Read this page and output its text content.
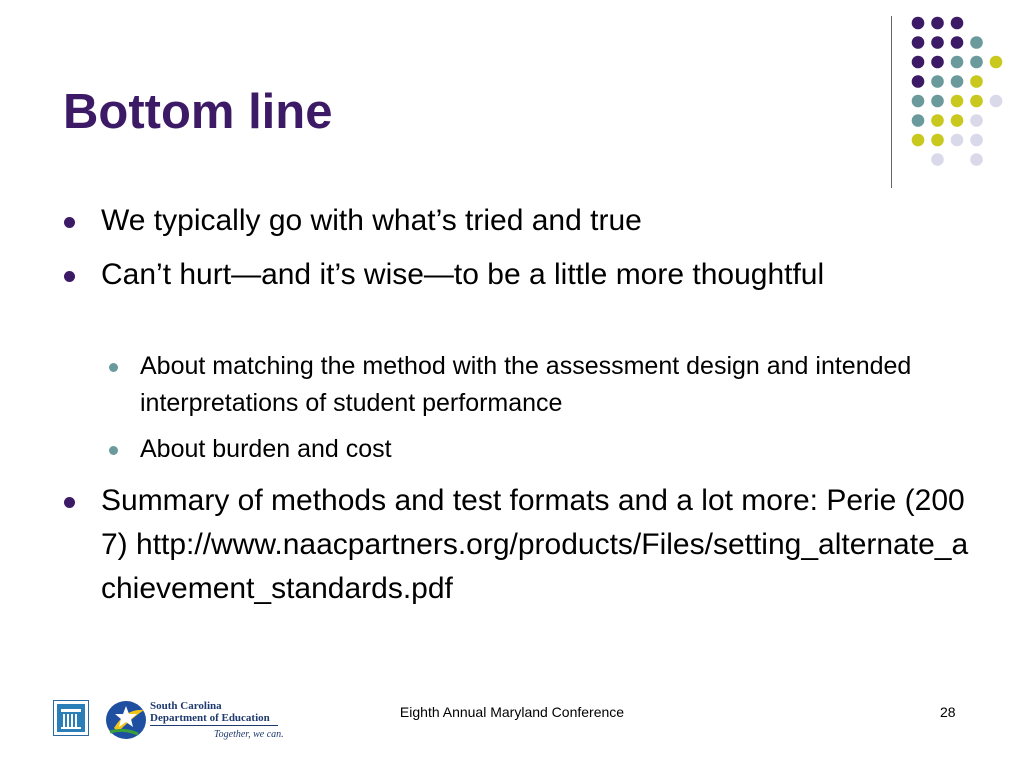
Bottom line
We typically go with what’s tried and true
Can’t hurt—and it’s wise—to be a little more thoughtful
About matching the method with the assessment design and intended interpretations of student performance
About burden and cost
Summary of methods and test formats and a lot more: Perie (2007) http://www.naacpartners.org/products/Files/setting_alternate_achievement_standards.pdf
South Carolina
Department of Education
Together, we can.
Eighth Annual Maryland Conference	28
